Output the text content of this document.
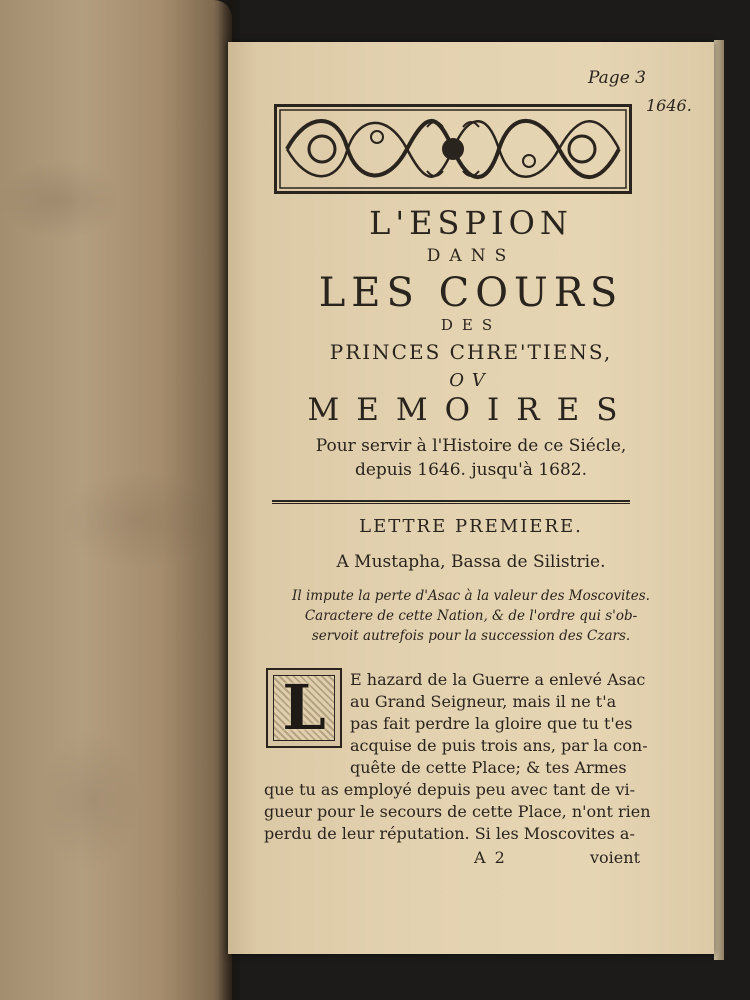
Page 3
1646.
L'ESPION
DANS
LES COURS
DES
PRINCES CHRE'TIENS,
OV
MEMOIRES
Pour servir à l'Histoire de ce Siécle,
depuis 1646. jusqu'à 1682.
LETTRE PREMIERE.
A Mustapha, Bassa de Silistrie.
Il impute la perte d'Asac à la valeur des Moscovites.
Caractere de cette Nation, & de l'ordre qui s'ob-
servoit autrefois pour la succession des Czars.
L	E hazard de la Guerre a enlevé Asac
au Grand Seigneur, mais il ne t'a
pas fait perdre la gloire que tu t'es
acquise de puis trois ans, par la con-
quête de cette Place; & tes Armes
que tu as employé depuis peu avec tant de vi-
gueur pour le secours de cette Place, n'ont rien
perdu de leur réputation. Si les Moscovites a-
A 2	voient
